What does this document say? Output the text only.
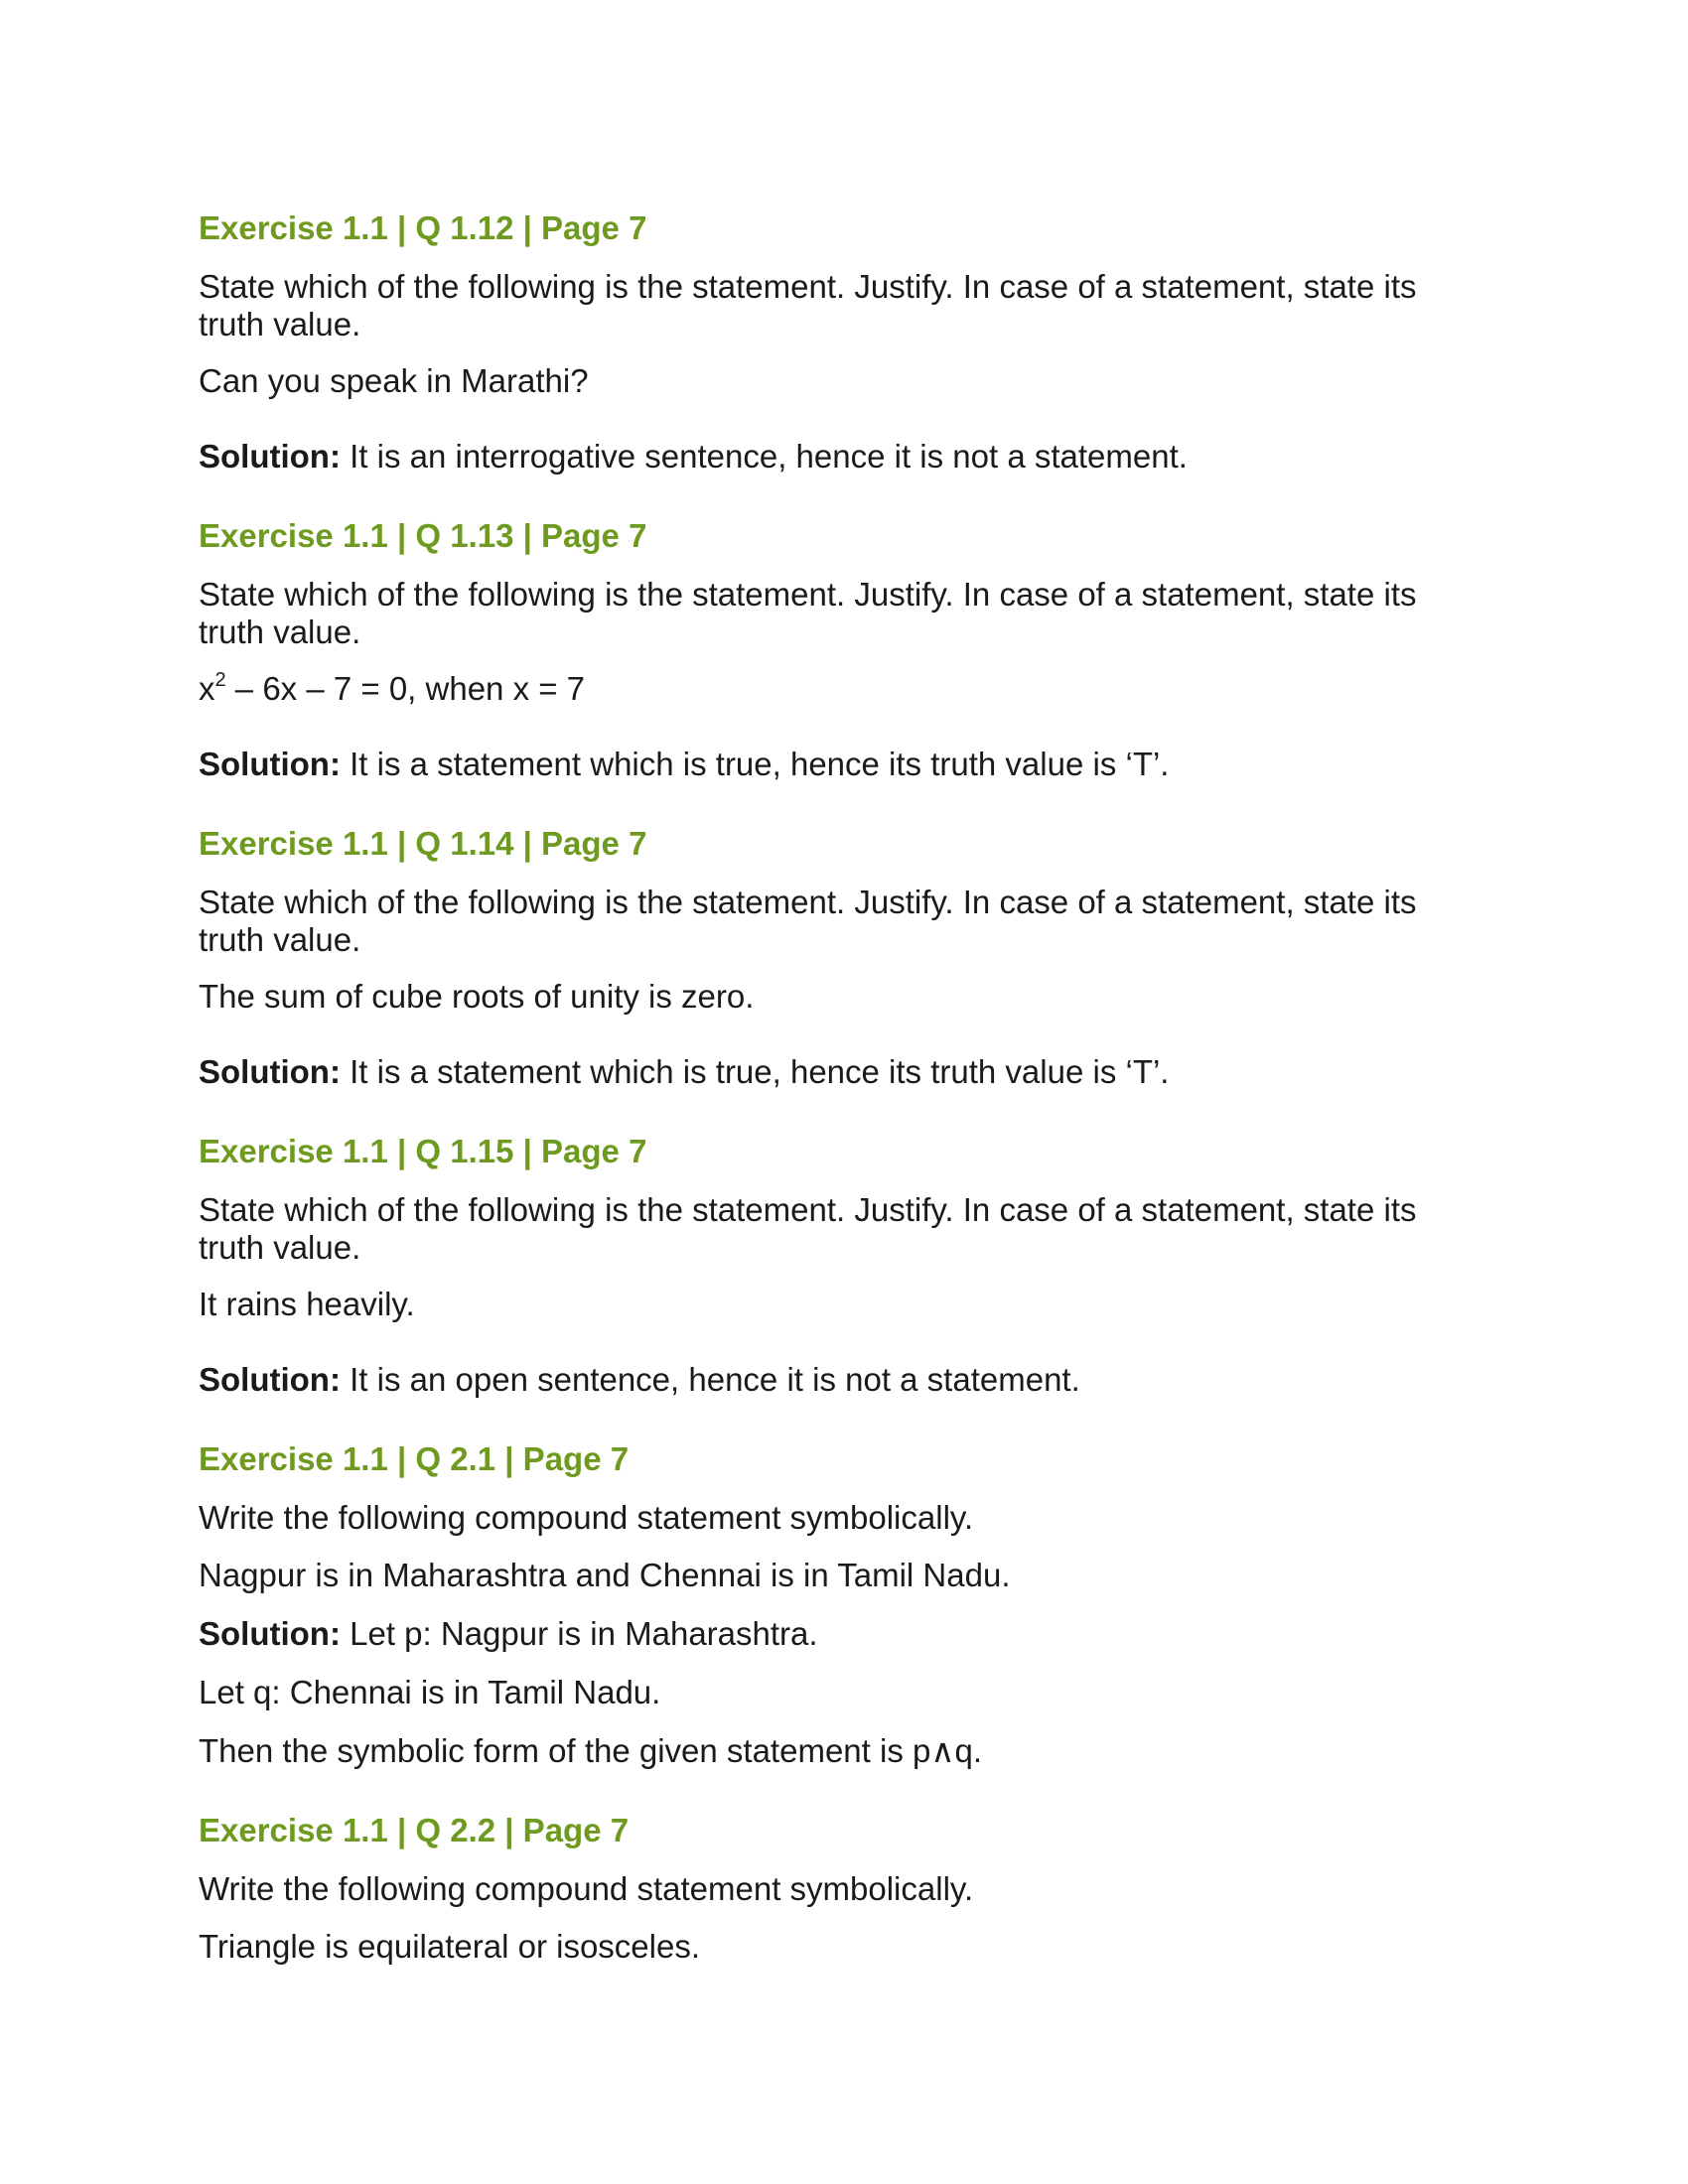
Exercise 1.1 | Q 1.12 | Page 7

State which of the following is the statement. Justify. In case of a statement, state its truth value.

Can you speak in Marathi?

Solution: It is an interrogative sentence, hence it is not a statement.

Exercise 1.1 | Q 1.13 | Page 7

State which of the following is the statement. Justify. In case of a statement, state its truth value.

$x^2 - 6x - 7 = 0$, when x = 7

Solution: It is a statement which is true, hence its truth value is ‘T’.

Exercise 1.1 | Q 1.14 | Page 7

State which of the following is the statement. Justify. In case of a statement, state its truth value.

The sum of cube roots of unity is zero.

Solution: It is a statement which is true, hence its truth value is ‘T’.

Exercise 1.1 | Q 1.15 | Page 7

State which of the following is the statement. Justify. In case of a statement, state its truth value.

It rains heavily.

Solution: It is an open sentence, hence it is not a statement.

Exercise 1.1 | Q 2.1 | Page 7

Write the following compound statement symbolically.

Nagpur is in Maharashtra and Chennai is in Tamil Nadu.

Solution: Let p: Nagpur is in Maharashtra.

Let q: Chennai is in Tamil Nadu.

Then the symbolic form of the given statement is p∧q.

Exercise 1.1 | Q 2.2 | Page 7

Write the following compound statement symbolically.

Triangle is equilateral or isosceles.
